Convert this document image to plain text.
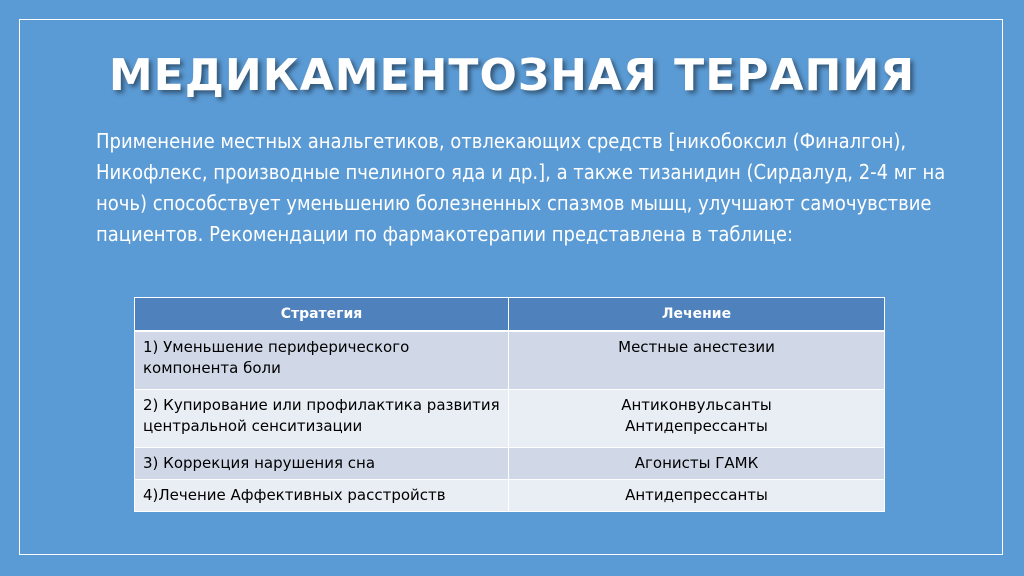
МЕДИКАМЕНТОЗНАЯ ТЕРАПИЯ

Применение местных анальгетиков, отвлекающих средств [никобоксил (Финалгон), Никофлекс, производные пчелиного яда и др.], а также тизанидин (Сирдалуд, 2-4 мг на ночь) способствует уменьшению болезненных спазмов мышц, улучшают самочувствие пациентов. Рекомендации по фармакотерапии представлена в таблице:

Стратегия	Лечение
1) Уменьшение периферического компонента боли	Местные анестезии

2) Купирование или профилактика развития центральной сенситизации	Антиконвульсанты
Антидепрессанты

3) Коррекция нарушения сна	Агонисты ГАМК

4)Лечение Аффективных расстройств	Антидепрессанты
